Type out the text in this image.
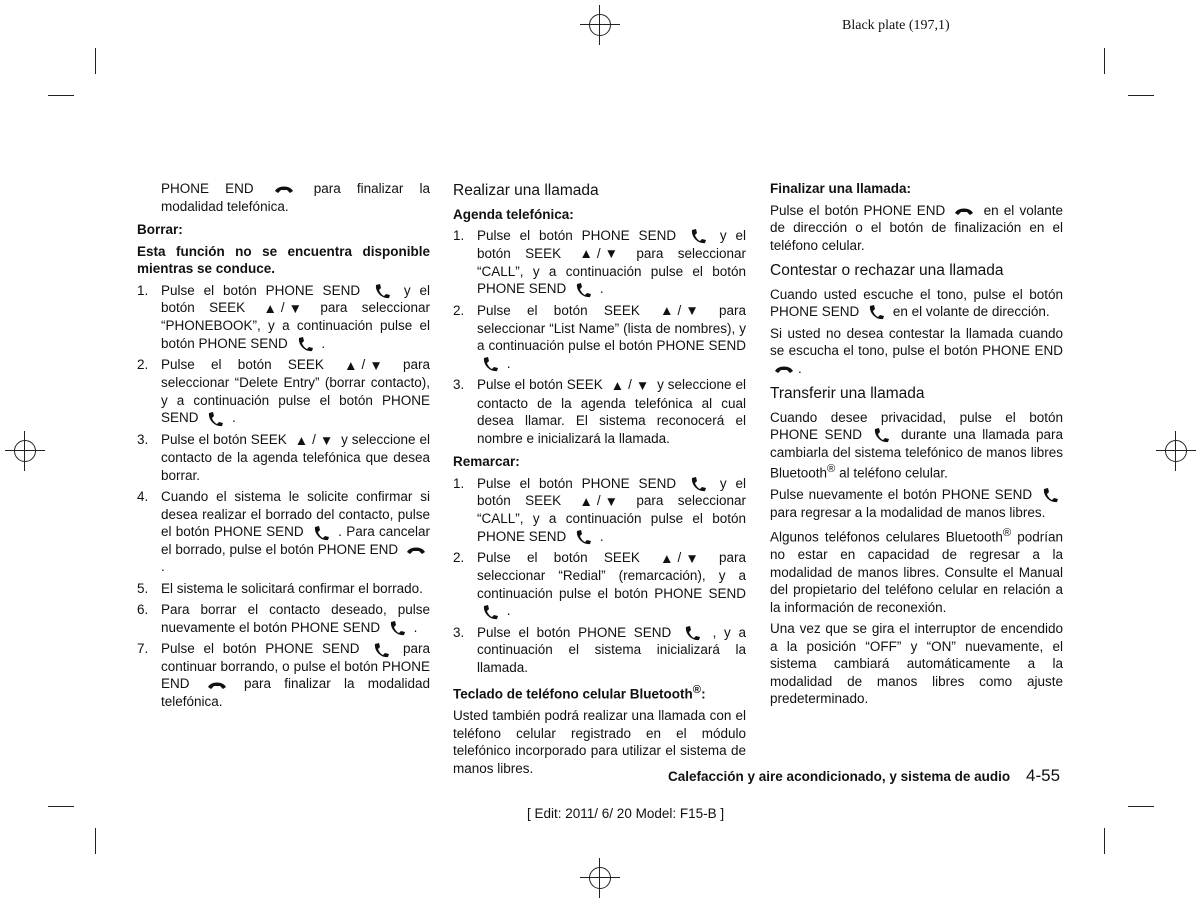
Black plate (197,1)

PHONE END	para finalizar la modalidad telefónica.

Borrar:

Esta función no se encuentra disponible mientras se conduce.

1. Pulse el botón PHONE SEND	y el botón SEEK ▲ / ▼ para seleccionar “PHONEBOOK”, y a continuación pulse el botón PHONE SEND .
2. Pulse el botón SEEK ▲ / ▼ para seleccionar “Delete Entry” (borrar contacto), y a continuación pulse el botón PHONE SEND .
3. Pulse el botón SEEK ▲ / ▼ y seleccione el contacto de la agenda telefónica que desea borrar.
4. Cuando el sistema le solicite confirmar si desea realizar el borrado del contacto, pulse el botón PHONE SEND	. Para cancelar el borrado, pulse el botón PHONE END  .
5. El sistema le solicitará confirmar el borrado.
6. Para borrar el contacto deseado, pulse nuevamente el botón PHONE SEND .
7. Pulse el botón PHONE SEND	para continuar borrando, o pulse el botón PHONE END	para finalizar la modalidad telefónica.
Realizar una llamada
Agenda telefónica:
1. Pulse el botón PHONE SEND	y el botón SEEK ▲ / ▼ para seleccionar “CALL”, y a continuación pulse el botón PHONE SEND .
2. Pulse el botón SEEK ▲ / ▼ para seleccionar “List Name” (lista de nombres), y a continuación pulse el botón PHONE SEND  .
3. Pulse el botón SEEK ▲ / ▼ y seleccione el contacto de la agenda telefónica al cual desea llamar. El sistema reconocerá el nombre e inicializará la llamada.
Remarcar:
1. Pulse el botón PHONE SEND	y el botón SEEK ▲ / ▼ para seleccionar “CALL”, y a continuación pulse el botón PHONE SEND .
2. Pulse el botón SEEK ▲ / ▼ para seleccionar “Redial” (remarcación), y a continuación pulse el botón PHONE SEND  .
3. Pulse el botón PHONE SEND	, y a continuación el sistema inicializará la llamada.
Teclado de teléfono celular Bluetooth®:

Usted también podrá realizar una llamada con el teléfono celular registrado en el módulo telefónico incorporado para utilizar el sistema de manos libres.

Finalizar una llamada:

Pulse el botón PHONE END	en el volante de dirección o el botón de finalización en el teléfono celular.

Contestar o rechazar una llamada

Cuando usted escuche el tono, pulse el botón PHONE SEND en el volante de dirección.

Si usted no desea contestar la llamada cuando se escucha el tono, pulse el botón PHONE END .

Transferir una llamada

Cuando desee privacidad, pulse el botón PHONE SEND	durante una llamada para cambiarla del sistema telefónico de manos libres Bluetooth® al teléfono celular.

Pulse nuevamente el botón PHONE SEND  para regresar a la modalidad de manos libres.

Algunos teléfonos celulares Bluetooth® podrían no estar en capacidad de regresar a la modalidad de manos libres. Consulte el Manual del propietario del teléfono celular en relación a la información de reconexión.

Una vez que se gira el interruptor de encendido a la posición “OFF” y “ON” nuevamente, el sistema cambiará automáticamente a la modalidad de manos libres como ajuste predeterminado.

Calefacción y aire acondicionado, y sistema de audio 4-55
[ Edit: 2011/ 6/ 20 Model: F15-B ]
